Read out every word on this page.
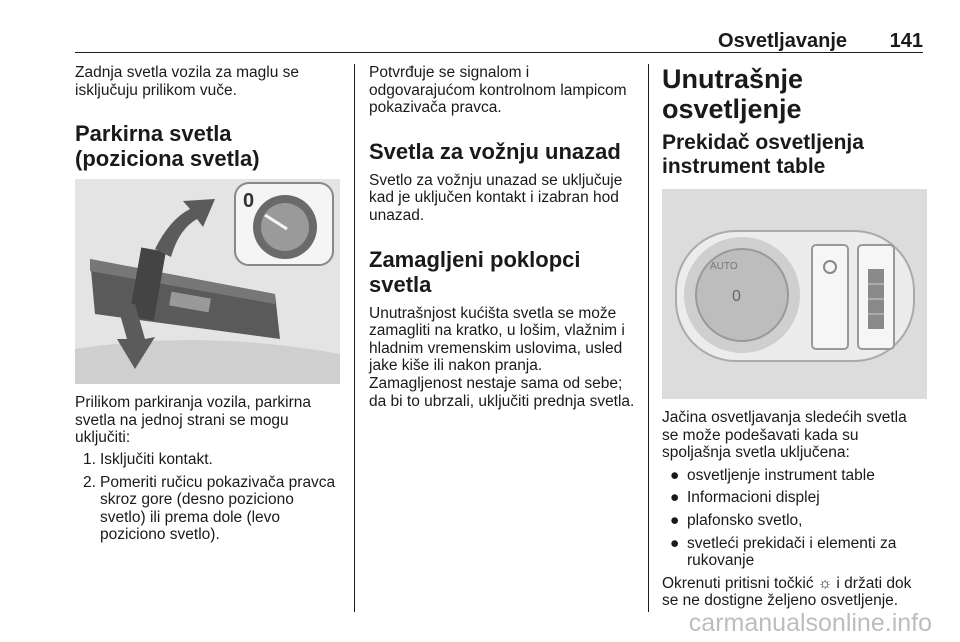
Osvetljavanje 141

Zadnja svetla vozila za maglu se isključuju prilikom vuče.

Parkirna svetla (poziciona svetla)
0

Prilikom parkiranja vozila, parkirna svetla na jednoj strani se mogu uključiti:

1. Isključiti kontakt.
2. Pomeriti ručicu pokazivača pravca skroz gore (desno poziciono svetlo) ili prema dole (levo poziciono svetlo).

Potvrđuje se signalom i odgovarajućom kontrolnom lampicom pokazivača pravca.

Svetla za vožnju unazad

Svetlo za vožnju unazad se uključuje kad je uključen kontakt i izabran hod unazad.

Zamagljeni poklopci svetla

Unutrašnjost kućišta svetla se može zamagliti na kratko, u lošim, vlažnim i hladnim vremenskim uslovima, usled jake kiše ili nakon pranja.

Zamagljenost nestaje sama od sebe; da bi to ubrzali, uključiti prednja svetla.

Unutrašnje osvetljenje
Prekidač osvetljenja instrument table
0
AUTO

Jačina osvetljavanja sledećih svetla se može podešavati kada su spoljašnja svetla uključena:

● osvetljenje instrument table
● Informacioni displej
● plafonsko svetlo,
● svetleći prekidači i elementi za rukovanje

Okrenuti pritisni točkić ☼ i držati dok se ne dostigne željeno osvetljenje.

carmanualsonline.info
